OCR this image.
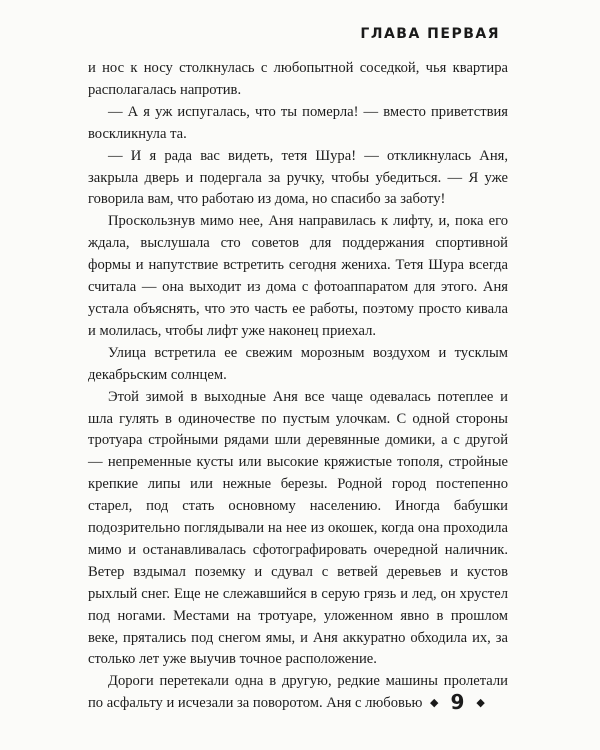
ГЛАВА ПЕРВАЯ

и нос к носу столкнулась с любопытной соседкой, чья квартира располагалась напротив.

— А я уж испугалась, что ты померла! — вместо приветствия воскликнула та.

— И я рада вас видеть, тетя Шура! — откликнулась Аня, закрыла дверь и подергала за ручку, чтобы убедиться. — Я уже говорила вам, что работаю из дома, но спасибо за заботу!

Проскользнув мимо нее, Аня направилась к лифту, и, пока его ждала, выслушала сто советов для поддержания спортивной формы и напутствие встретить сегодня жениха. Тетя Шура всегда считала — она выходит из дома с фотоаппаратом для этого. Аня устала объяснять, что это часть ее работы, поэтому просто кивала и молилась, чтобы лифт уже наконец приехал.

Улица встретила ее свежим морозным воздухом и тусклым декабрьским солнцем.

Этой зимой в выходные Аня все чаще одевалась потеплее и шла гулять в одиночестве по пустым улочкам. С одной стороны тротуара стройными рядами шли деревянные домики, а с другой — непременные кусты или высокие кряжистые тополя, стройные крепкие липы или нежные березы. Родной город постепенно старел, под стать основному населению. Иногда бабушки подозрительно поглядывали на нее из окошек, когда она проходила мимо и останавливалась сфотографировать очередной наличник. Ветер вздымал поземку и сдувал с ветвей деревьев и кустов рыхлый снег. Еще не слежавшийся в серую грязь и лед, он хрустел под ногами. Местами на тротуаре, уложенном явно в прошлом веке, прятались под снегом ямы, и Аня аккуратно обходила их, за столько лет уже выучив точное расположение.

Дороги перетекали одна в другую, редкие машины пролетали по асфальту и исчезали за поворотом. Аня с любовью ◆ 9 ◆
